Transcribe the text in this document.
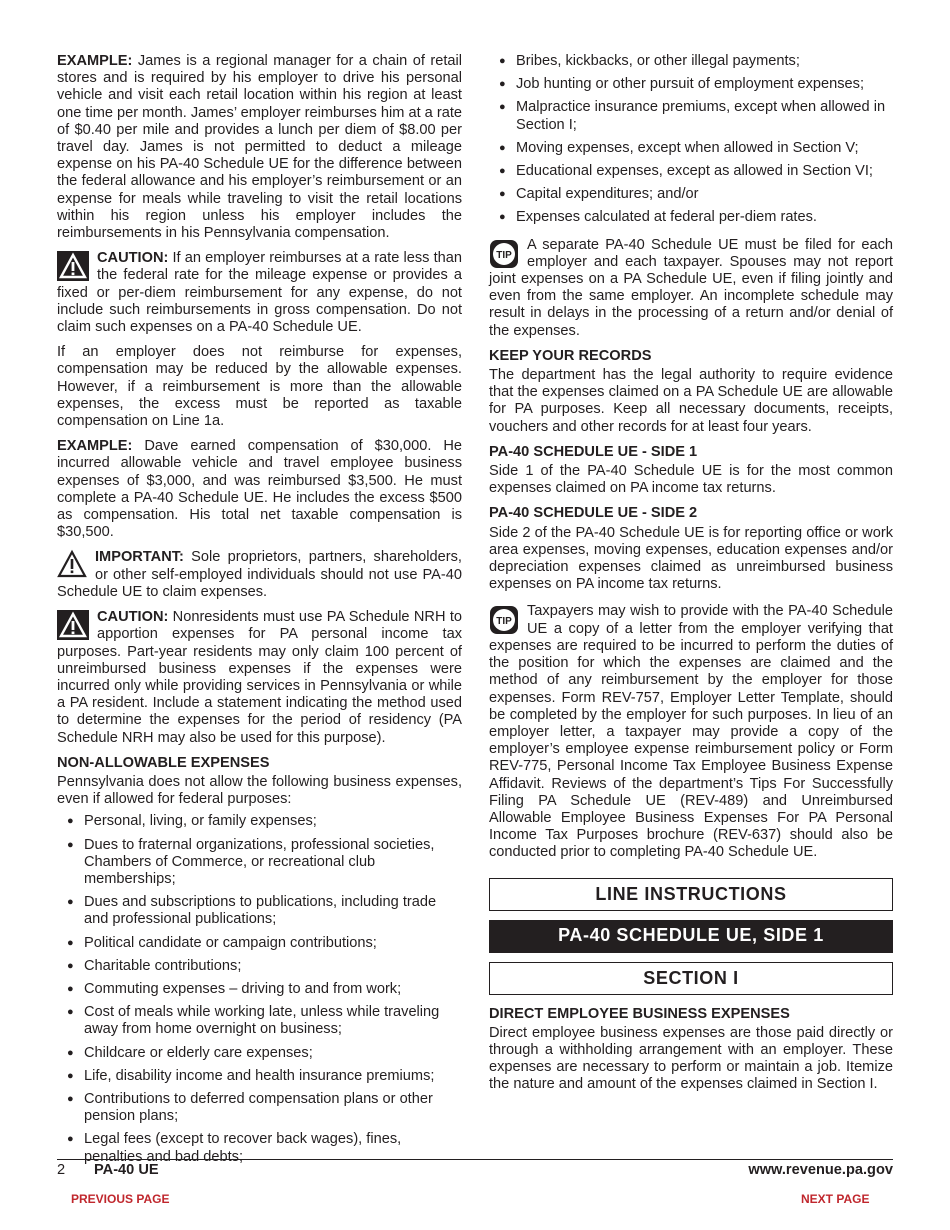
EXAMPLE: James is a regional manager for a chain of retail stores and is required by his employer to drive his personal vehicle and visit each retail location within his region at least one time per month. James’ employer reimburses him at a rate of $0.40 per mile and provides a lunch per diem of $8.00 per travel day. James is not permitted to deduct a mileage expense on his PA-40 Schedule UE for the difference between the federal allowance and his employer’s reimbursement or an expense for meals while traveling to visit the retail locations within his region unless his employer includes the reimbursements in his Pennsylvania compensation.

CAUTION: If an employer reimburses at a rate less than the federal rate for the mileage expense or provides a fixed or per-diem reimbursement for any expense, do not include such reimbursements in gross compensation. Do not claim such expenses on a PA-40 Schedule UE.

If an employer does not reimburse for expenses, compensation may be reduced by the allowable expenses. However, if a reimbursement is more than the allowable expenses, the excess must be reported as taxable compensation on Line 1a.

EXAMPLE: Dave earned compensation of $30,000. He incurred allowable vehicle and travel employee business expenses of $3,000, and was reimbursed $3,500. He must complete a PA-40 Schedule UE. He includes the excess $500 as compensation. His total net taxable compensation is $30,500.

IMPORTANT: Sole proprietors, partners, shareholders, or other self-employed individuals should not use PA-40 Schedule UE to claim expenses.

CAUTION: Nonresidents must use PA Schedule NRH to apportion expenses for PA personal income tax purposes. Part-year residents may only claim 100 percent of unreimbursed business expenses if the expenses were incurred only while providing services in Pennsylvania or while a PA resident. Include a statement indicating the method used to determine the expenses for the period of residency (PA Schedule NRH may also be used for this purpose).

NON-ALLOWABLE EXPENSES

Pennsylvania does not allow the following business expenses, even if allowed for federal purposes:

● Personal, living, or family expenses;
● Dues to fraternal organizations, professional societies, Chambers of Commerce, or recreational club memberships;
● Dues and subscriptions to publications, including trade and professional publications;
● Political candidate or campaign contributions;
● Charitable contributions;
● Commuting expenses – driving to and from work;
● Cost of meals while working late, unless while traveling away from home overnight on business;
● Childcare or elderly care expenses;
● Life, disability income and health insurance premiums;
● Contributions to deferred compensation plans or other pension plans;
● Legal fees (except to recover back wages), fines, penalties and bad debts;
● Bribes, kickbacks, or other illegal payments;
● Job hunting or other pursuit of employment expenses;
● Malpractice insurance premiums, except when allowed in Section I;
● Moving expenses, except when allowed in Section V;
● Educational expenses, except as allowed in Section VI;
● Capital expenditures; and/or
● Expenses calculated at federal per-diem rates.

TIP
A separate PA-40 Schedule UE must be filed for each employer and each taxpayer. Spouses may not report joint expenses on a PA Schedule UE, even if filing jointly and even from the same employer. An incomplete schedule may result in delays in the processing of a return and/or denial of the expenses.

KEEP YOUR RECORDS

The department has the legal authority to require evidence that the expenses claimed on a PA Schedule UE are allowable for PA purposes. Keep all necessary documents, receipts, vouchers and other records for at least four years.

PA-40 SCHEDULE UE - SIDE 1

Side 1 of the PA-40 Schedule UE is for the most common expenses claimed on PA income tax returns.

PA-40 SCHEDULE UE - SIDE 2

Side 2 of the PA-40 Schedule UE is for reporting office or work area expenses, moving expenses, education expenses and/or depreciation expenses claimed as unreimbursed business expenses on PA income tax returns.

TIP
Taxpayers may wish to provide with the PA-40 Schedule UE a copy of a letter from the employer verifying that expenses are required to be incurred to perform the duties of the position for which the expenses are claimed and the method of any reimbursement by the employer for those expenses. Form REV-757, Employer Letter Template, should be completed by the employer for such purposes. In lieu of an employer letter, a taxpayer may provide a copy of the employer’s employee expense reimbursement policy or Form REV-775, Personal Income Tax Employee Business Expense Affidavit. Reviews of the department’s Tips For Successfully Filing PA Schedule UE (REV-489) and Unreimbursed Allowable Employee Business Expenses For PA Personal Income Tax Purposes brochure (REV-637) should also be conducted prior to completing PA-40 Schedule UE.

LINE INSTRUCTIONS
PA-40 SCHEDULE UE, SIDE 1
SECTION I
DIRECT EMPLOYEE BUSINESS EXPENSES

Direct employee business expenses are those paid directly or through a withholding arrangement with an employer. These expenses are necessary to perform or maintain a job. Itemize the nature and amount of the expenses claimed in Section I.

2 PA-40 UE	www.revenue.pa.gov
PREVIOUS PAGE	NEXT PAGE
